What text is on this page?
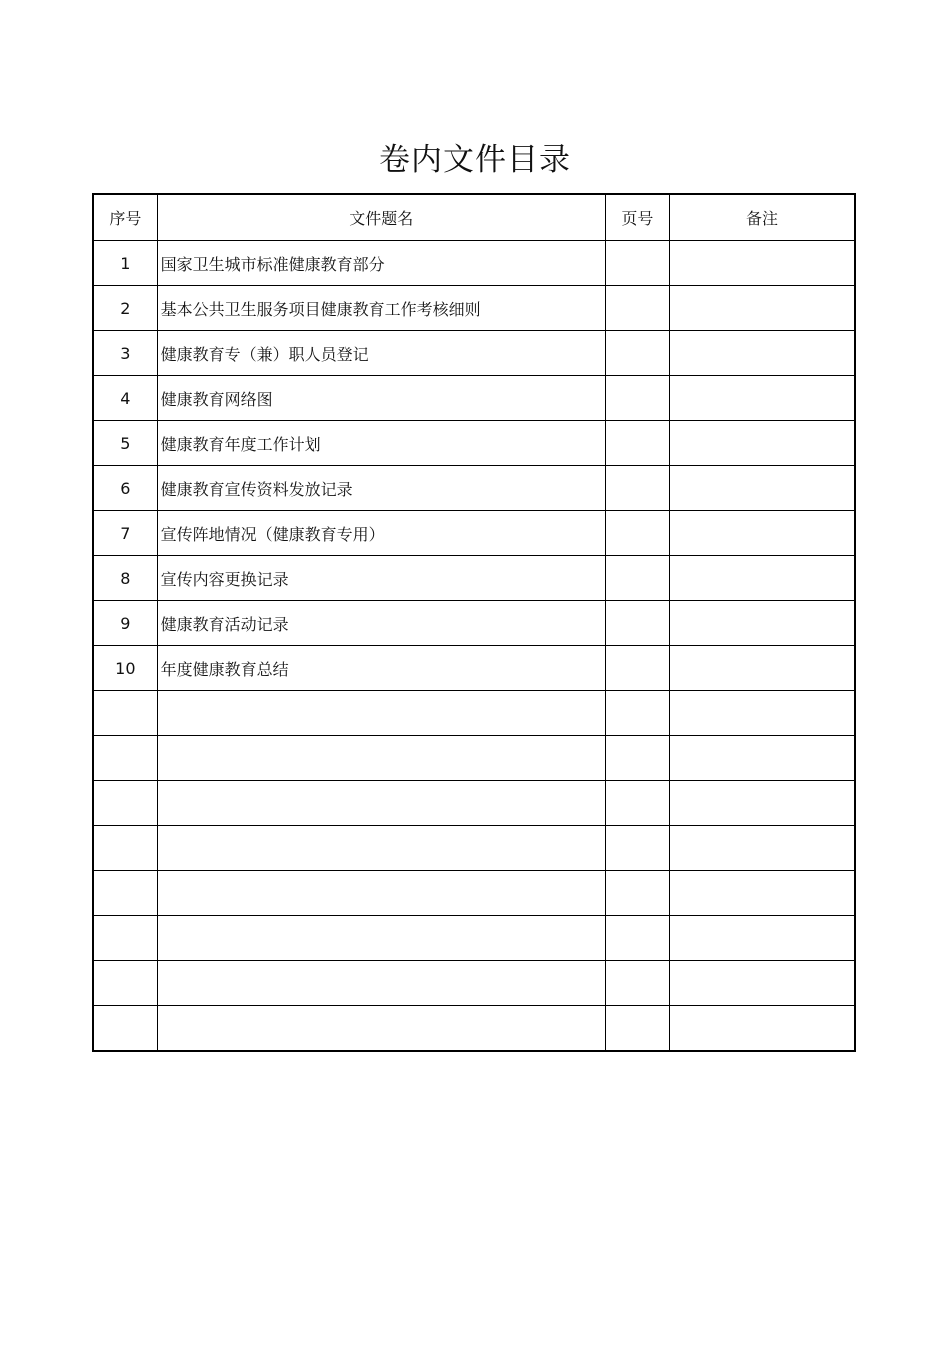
卷内文件目录
序号	文件题名	页号	备注
1	国家卫生城市标准健康教育部分		
2	基本公共卫生服务项目健康教育工作考核细则		
3	健康教育专（兼）职人员登记		
4	健康教育网络图		
5	健康教育年度工作计划		
6	健康教育宣传资料发放记录		
7	宣传阵地情况（健康教育专用）		
8	宣传内容更换记录		
9	健康教育活动记录		
10	年度健康教育总结		
